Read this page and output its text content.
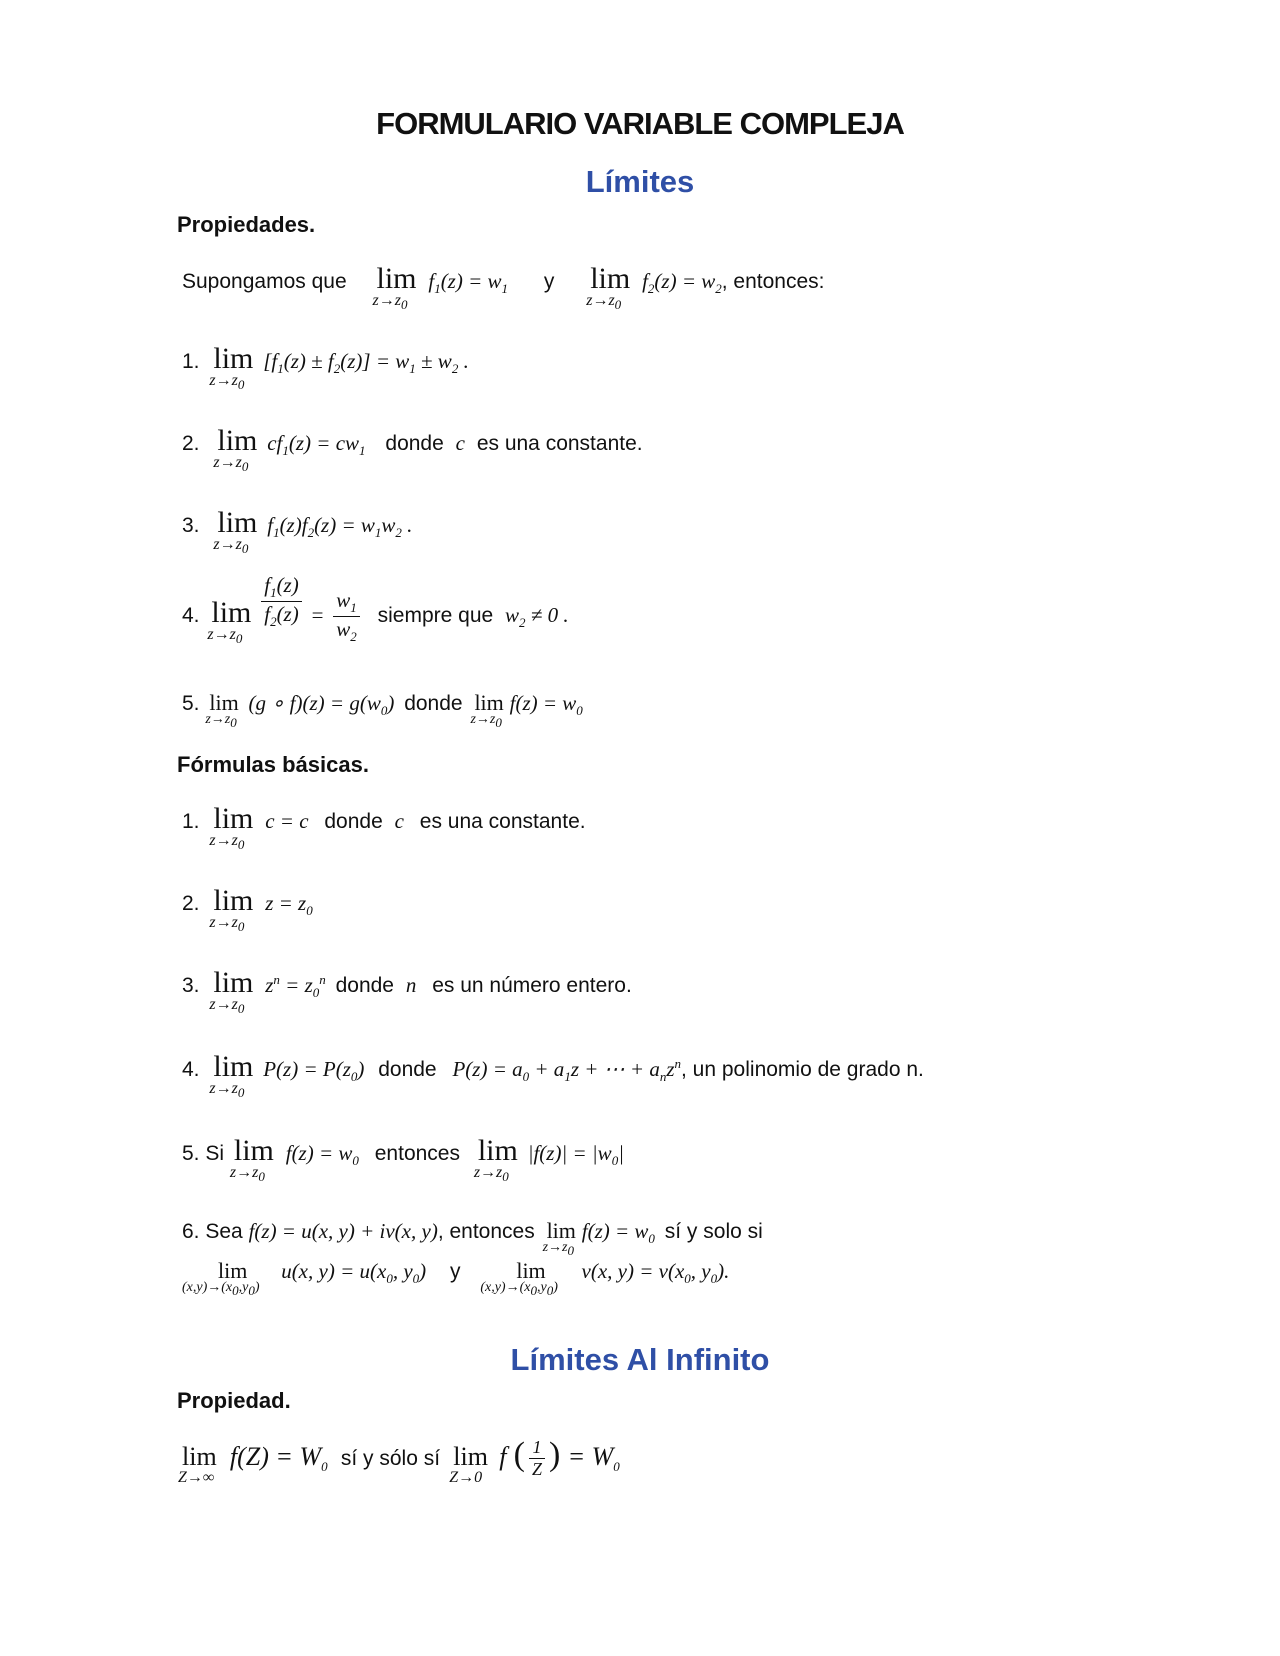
FORMULARIO VARIABLE COMPLEJA
Límites
Propiedades.
Supongamos que lim
$z\to z_0$
$f_1(z) = w_1$ y lim
$z\to z_0$
$f_2(z) = w_2$, entonces:
1. lim
$z\to z_0$
$[f_1(z) \pm f_2(z)] = w_1 \pm w_2$ .
2. lim
$z\to z_0$
$cf_1(z) = cw_1$ donde c es una constante.
3. lim
$z\to z_0$
$f_1(z)f_2(z) = w_1w_2$ .
4. lim
$z\to z_0$

$\frac{f_1(z)}{f_2(z)} = \frac{w_1}{w_2}$ siempre que $w_2 \ne 0$ .
5. lim
$z\to z_0$
(g ∘ $f)(z) = g(w_0)$ donde lim
$z\to z_0$
$f(z) = w_0$
Fórmulas básicas.
1. lim
$z\to z_0$
c = c donde c es una constante.
2. lim
$z\to z_0$
$z = z_0$
3. lim
$z\to z_0$
$z^n = z_0^n$ donde n es un número entero.
4. lim
$z\to z_0$
$P(z) = P(z_0)$ donde $P(z) = a_0 + a_1z$ + ⋯ + $a_nz^n$, un polinomio de grado n.
5. Si lim
$z\to z_0$
$f(z) = w_0$ entonces lim
$z\to z_0$
$|f(z)| = |w_0|$
6. Sea f(z) = u(x, y) + iv(x, y), entonces lim
$z\to z_0$
$f(z) = w_0$ sí y solo si
lim
$(x,y)\to(x_0,y_0)$
u(x, $y) = u(x_0$, $y_0$) y	lim
$(x,y)\to(x_0,y_0)$
v(x, $y) = v(x_0$, $y_0$).
Límites Al Infinito
Propiedad.
lim
Z→∞
$f(Z) = W_0$ sí y sólo sí lim
Z→0
f ( $\frac{1}{Z}$ ) = $W_0$
